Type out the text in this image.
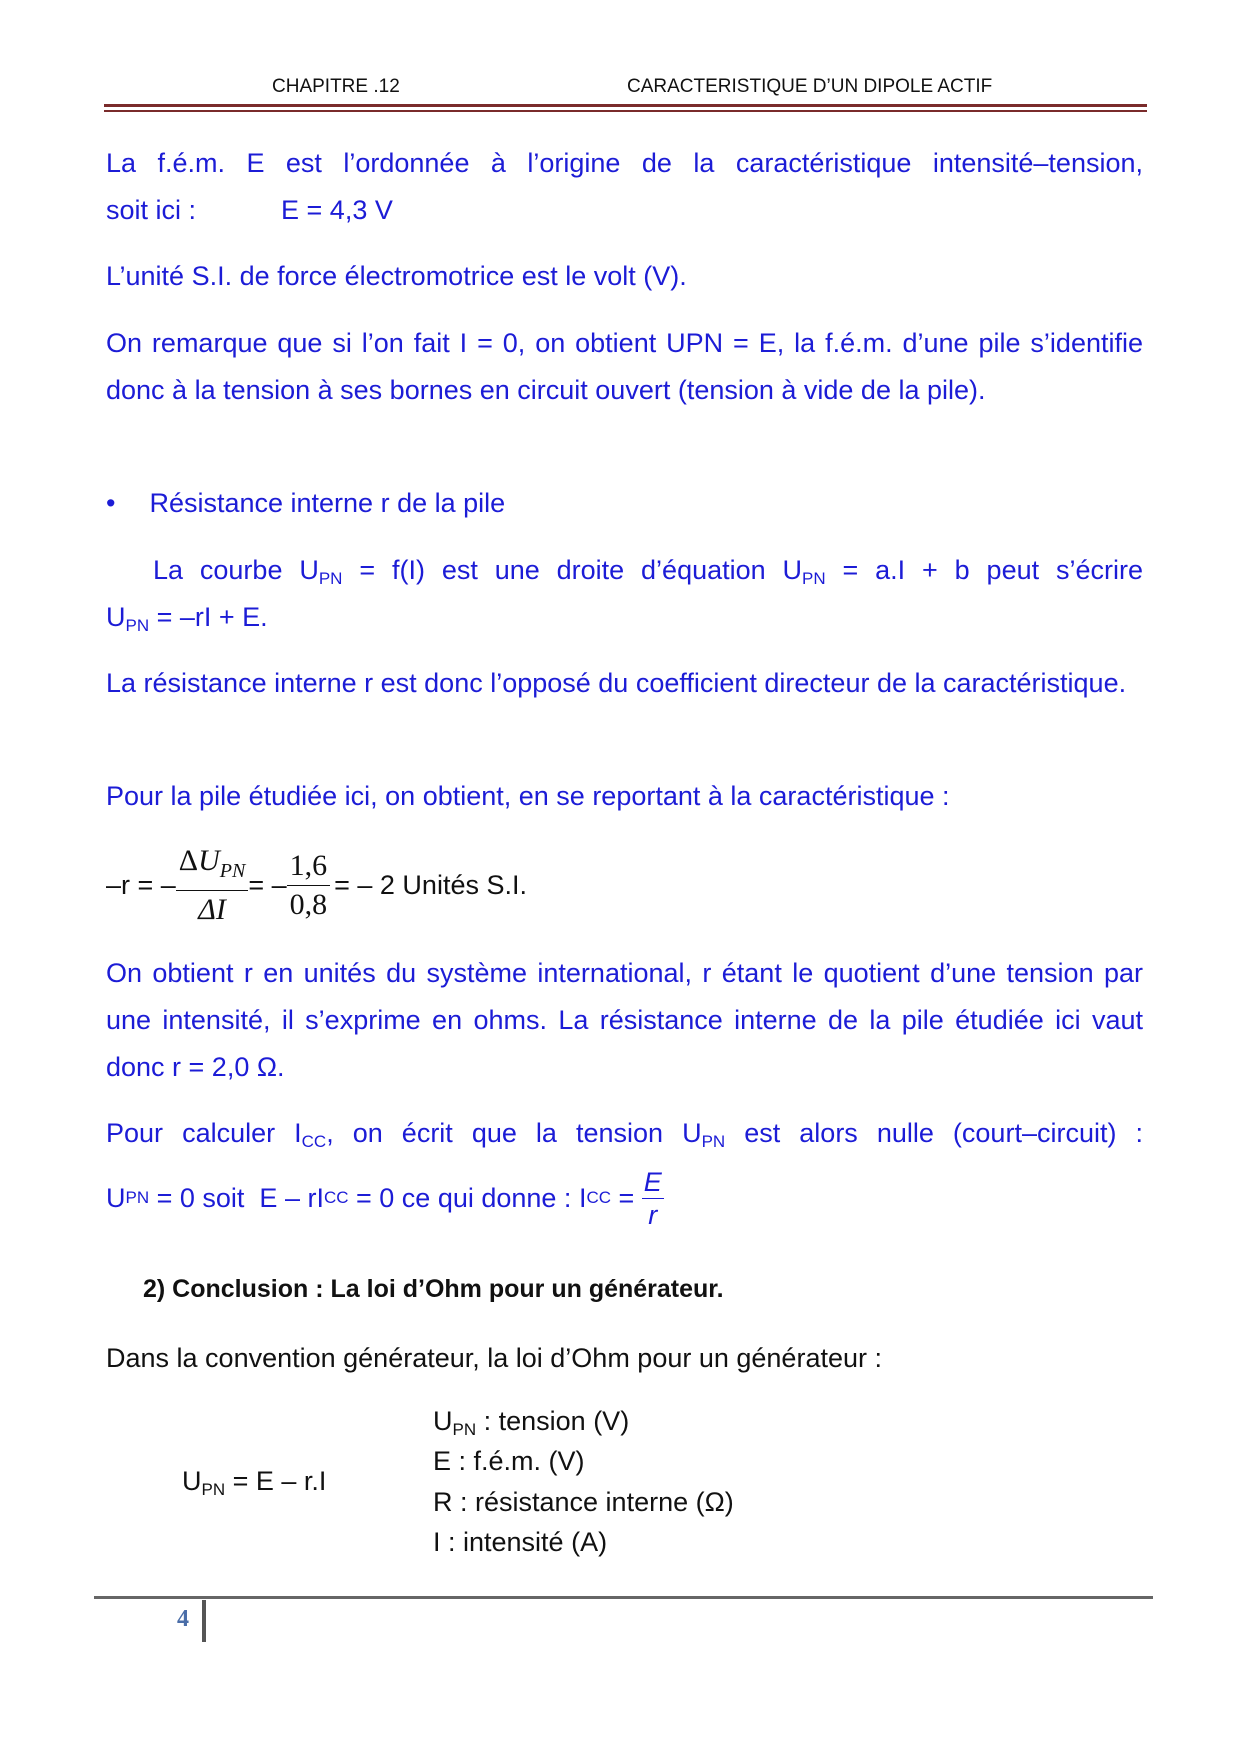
CHAPITRE .12	CARACTERISTIQUE D’UN DIPOLE ACTIF
La f.é.m. E est l’ordonnée à l’origine de la caractéristique intensité–tension,
soit ici :	E = 4,3 V
L’unité S.I. de force électromotrice est le volt (V).
On remarque que si l’on fait I = 0, on obtient UPN = E, la f.é.m. d’une pile s’identifie donc à la tension à ses bornes en circuit ouvert (tension à vide de la pile).
• Résistance interne r de la pile
La courbe $U_{PN} = f(I)$ est une droite d’équation $U_{PN} = a.I + b$ peut s’écrire
$U_{PN} = -rI + E$.
La résistance interne r est donc l’opposé du coefficient directeur de la caractéristique.
Pour la pile étudiée ici, on obtient, en se reportant à la caractéristique :
–r = – $\frac{\Delta U_{PN}}{\Delta I}$ = – $\frac{1,6}{0,8}$ = – 2 Unités S.I.
On obtient r en unités du système international, r étant le quotient d’une tension par une intensité, il s’exprime en ohms. La résistance interne de la pile étudiée ici vaut donc r = 2,0 Ω.
Pour calculer $I_{CC}$, on écrit que la tension $U_{PN}$ est alors nulle (court–circuit) :
U PN = 0 soit  E – rI CC = 0 ce qui donne : I CC = $\frac{E}{r}$
2) Conclusion : La loi d’Ohm pour un générateur.
Dans la convention générateur, la loi d’Ohm pour un générateur :
$U_{PN} = E - r.I$
$U_{PN}$ : tension (V)
E : f.é.m. (V)
R : résistance interne (Ω)
I : intensité (A)
4
